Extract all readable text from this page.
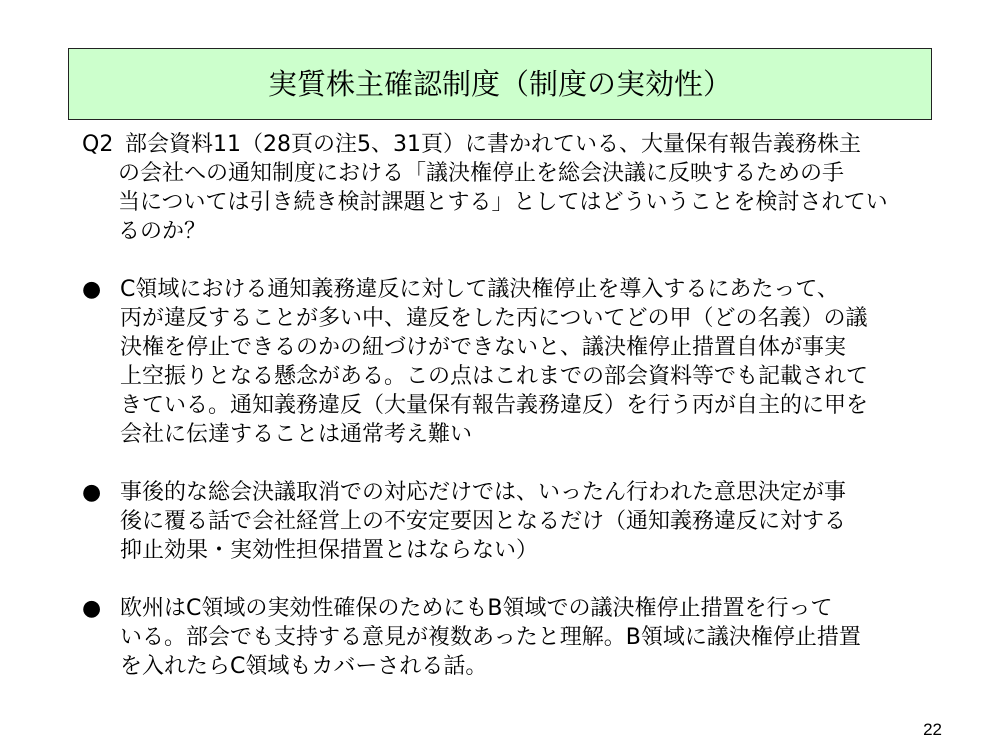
実質株主確認制度（制度の実効性）
Q2 部会資料11（28頁の注5、31頁）に書かれている、大量保有報告義務株主
の会社への通知制度における「議決権停止を総会決議に反映するための手
当については引き続き検討課題とする」としてはどういうことを検討されてい
るのか？
● C領域における通知義務違反に対して議決権停止を導入するにあたって、
丙が違反することが多い中、違反をした丙についてどの甲（どの名義）の議
決権を停止できるのかの紐づけができないと、議決権停止措置自体が事実
上空振りとなる懸念がある。この点はこれまでの部会資料等でも記載されて
きている。通知義務違反（大量保有報告義務違反）を行う丙が自主的に甲を
会社に伝達することは通常考え難い
● 事後的な総会決議取消での対応だけでは、いったん行われた意思決定が事
後に覆る話で会社経営上の不安定要因となるだけ（通知義務違反に対する
抑止効果・実効性担保措置とはならない）
● 欧州はC領域の実効性確保のためにもB領域での議決権停止措置を行って
いる。部会でも支持する意見が複数あったと理解。B領域に議決権停止措置
を入れたらC領域もカバーされる話。
22
